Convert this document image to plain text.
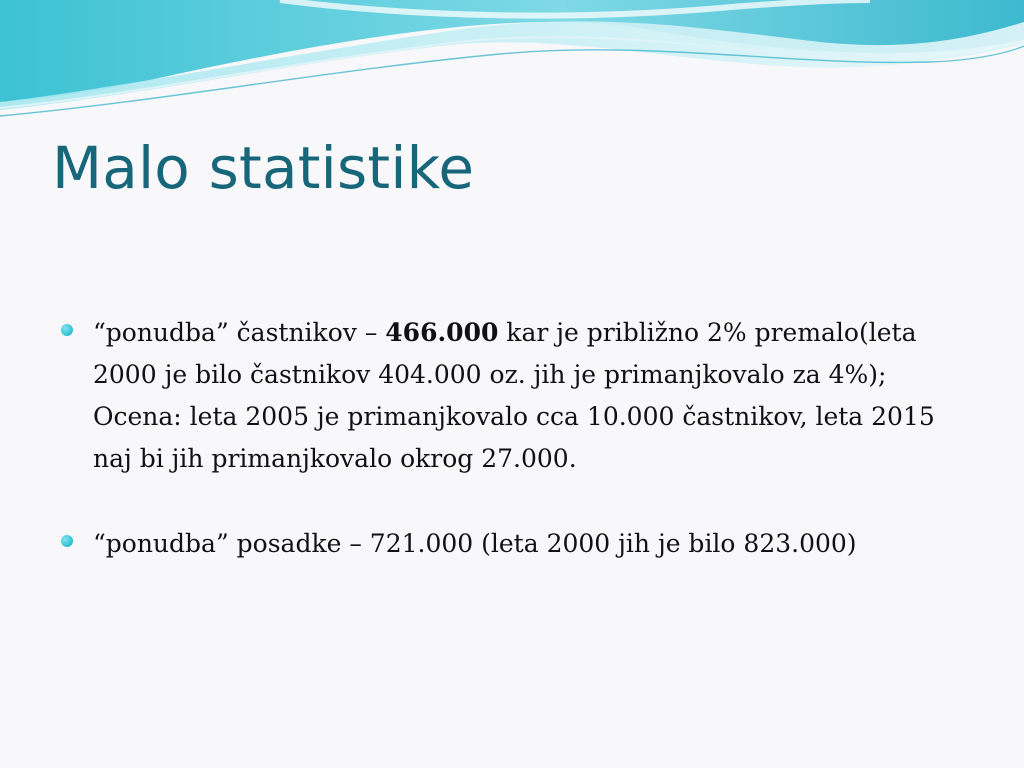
Malo statistike
“ponudba” častnikov – 466.000 kar je približno 2% premalo(leta 2000 je bilo častnikov 404.000 oz. jih je primanjkovalo za 4%); Ocena: leta 2005 je primanjkovalo cca 10.000 častnikov, leta 2015 naj bi jih primanjkovalo okrog 27.000.
“ponudba” posadke – 721.000 (leta 2000 jih je bilo 823.000)
